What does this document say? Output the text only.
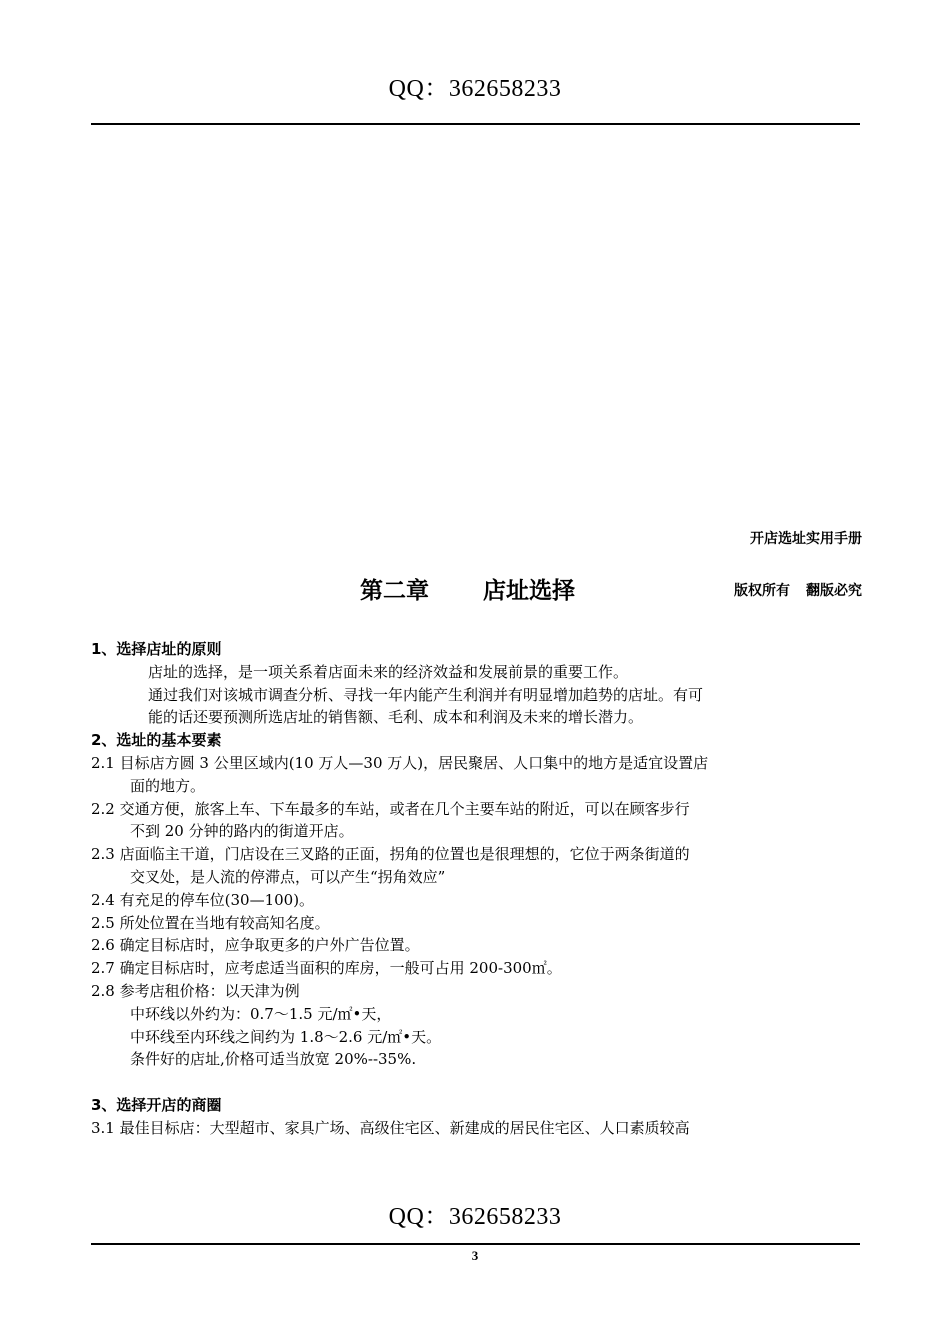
QQ：362658233
开店选址实用手册
第二章 店址选择	版权所有 翻版必究
1、选择店址的原则
店址的选择，是一项关系着店面未来的经济效益和发展前景的重要工作。
通过我们对该城市调查分析、寻找一年内能产生利润并有明显增加趋势的店址。有可
能的话还要预测所选店址的销售额、毛利、成本和利润及未来的增长潜力。
2、选址的基本要素
2.1 目标店方圆 3 公里区域内(10 万人—30 万人)，居民聚居、人口集中的地方是适宜设置店
面的地方。
2.2 交通方便，旅客上车、下车最多的车站，或者在几个主要车站的附近，可以在顾客步行
不到 20 分钟的路内的街道开店。
2.3 店面临主干道，门店设在三叉路的正面，拐角的位置也是很理想的，它位于两条街道的
交叉处，是人流的停滞点，可以产生“拐角效应”
2.4 有充足的停车位(30—100)。
2.5 所处位置在当地有较高知名度。
2.6 确定目标店时，应争取更多的户外广告位置。
2.7 确定目标店时，应考虑适当面积的库房，一般可占用 200-300㎡。
2.8 参考店租价格：以天津为例
中环线以外约为：0.7～1.5 元/㎡•天，
中环线至内环线之间约为 1.8～2.6 元/㎡•天。
条件好的店址,价格可适当放宽 20%--35%.
3、选择开店的商圈
3.1 最佳目标店：大型超市、家具广场、高级住宅区、新建成的居民住宅区、人口素质较高
QQ：362658233
3
